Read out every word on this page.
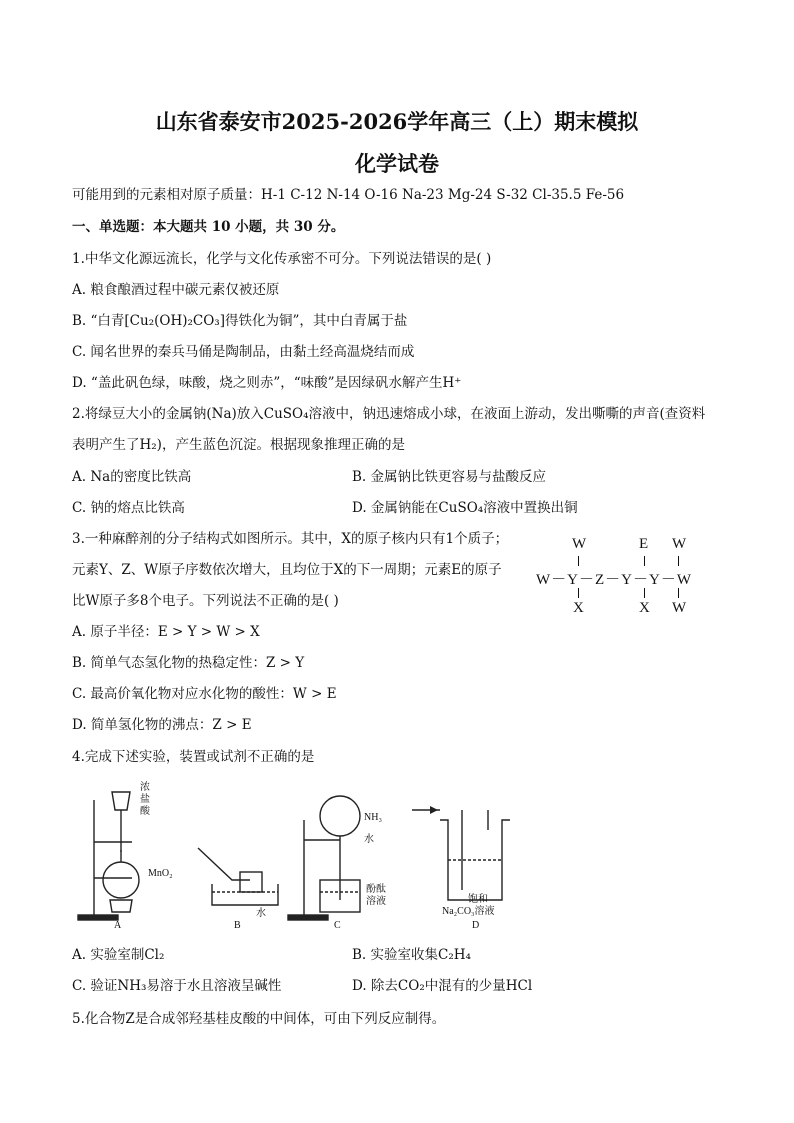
山东省泰安市2025-2026学年高三（上）期末模拟
化学试卷
可能用到的元素相对原子质量：H-1 C-12 N-14 O-16 Na-23 Mg-24 S-32 Cl-35.5 Fe-56
一、单选题：本大题共 10 小题，共 30 分。
1.中华文化源远流长，化学与文化传承密不可分。下列说法错误的是( )
A. 粮食酿酒过程中碳元素仅被还原
B. “白青[Cu₂(OH)₂CO₃]得铁化为铜”，其中白青属于盐
C. 闻名世界的秦兵马俑是陶制品，由黏土经高温烧结而成
D. “盖此矾色绿，味酸，烧之则赤”，“味酸”是因绿矾水解产生H⁺
2.将绿豆大小的金属钠(Na)放入CuSO₄溶液中，钠迅速熔成小球，在液面上游动，发出嘶嘶的声音(查资料
表明产生了H₂)，产生蓝色沉淀。根据现象推理正确的是
A. Na的密度比铁高	B. 金属钠比铁更容易与盐酸反应
C. 钠的熔点比铁高	D. 金属钠能在CuSO₄溶液中置换出铜
3.一种麻醉剂的分子结构式如图所示。其中，X的原子核内只有1个质子；
元素Y、Z、W原子序数依次增大，且均位于X的下一周期；元素E的原子
比W原子多8个电子。下列说法不正确的是( )
A. 原子半径：E > Y > W > X
B. 简单气态氢化物的热稳定性：Z > Y
C. 最高价氧化物对应水化物的酸性：W > E
D. 简单氢化物的沸点：Z > E
W	E W
W－Y－Z－Y－Y－W
X	X W
4.完成下述实验，装置或试剂不正确的是
浓
盐
酸
MnO₂
水
NH₃
水
酚酞
溶液	饱和
Na₂CO₃溶液
A	B	C	D
A. 实验室制Cl₂	B. 实验室收集C₂H₄
C. 验证NH₃易溶于水且溶液呈碱性	D. 除去CO₂中混有的少量HCl
5.化合物Z是合成邻羟基桂皮酸的中间体，可由下列反应制得。
